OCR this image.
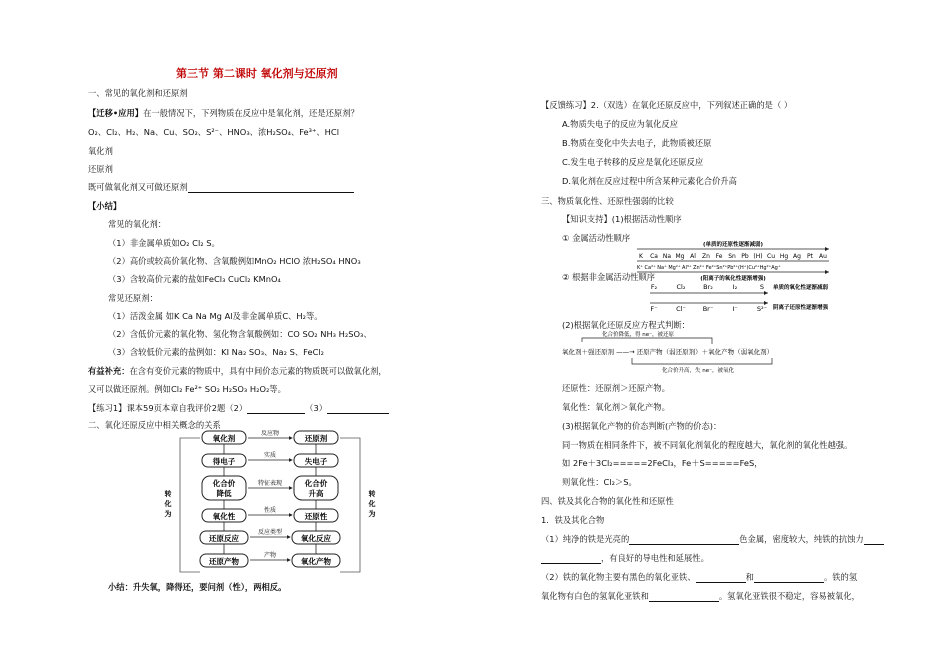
第三节 第二课时 氧化剂与还原剂
一、常见的氧化剂和还原剂
【迁移•应用】在一般情况下，下列物质在反应中是氧化剂，还是还原剂？
O₂、Cl₂、H₂、Na、Cu、SO₂、S²⁻、HNO₃、浓H₂SO₄、Fe³⁺、HCl
氧化剂
还原剂
既可做氧化剂又可做还原剂
【小结】
常见的氧化剂：
（1）非金属单质如O₂ Cl₂ S。
（2）高价或较高价氧化物、含氧酸例如MnO₂ HClO 浓H₂SO₄ HNO₃
（3）含较高价元素的盐如FeCl₃ CuCl₂ KMnO₄
常见还原剂：
（1）活泼金属 如K Ca Na Mg Al及非金属单质C、H₂等。
（2）含低价元素的氧化物、氢化物含氧酸例如：CO SO₂ NH₃ H₂SO₃、
（3）含较低价元素的盐例如：KI Na₂ SO₃、Na₂ S、FeCl₂
有益补充：在含有变价元素的物质中，具有中间价态元素的物质既可以做氧化剂，
又可以做还原剂。例如Cl₂ Fe²⁺ SO₂ H₂SO₃ H₂O₂等。
【练习1】课本59页本章自我评价2题（2）	（3）
二、氧化还原反应中相关概念的关系
氧化剂	还原剂
得电子	失电子
化合价
降低
化合价
升高
氧化性	还原性
还原反应	氧化反应
还原产物	氧化产物
反应物
实质
特征表现
性质
反应类型
产物
转
化
为
转
化
为
小结：升失氧，降得还，要问剂（性），两相反。
【反馈练习】2.（双选）在氧化还原反应中，下列叙述正确的是（ ）
A.物质失电子的反应为氧化反应
B.物质在变化中失去电子，此物质被还原
C.发生电子转移的反应是氧化还原反应
D.氧化剂在反应过程中所含某种元素化合价升高
三、物质氧化性、还原性强弱的比较
【知识支持】(1)根据活动性顺序
① 金属活动性顺序
(单质的还原性逐渐减弱)
K Ca Na Mg Al Zn Fe Sn Pb (H) Cu Hg Ag Pt Au
K⁺ Ca²⁺ Na⁺ Mg²⁺ Al³⁺ Zn²⁺ Fe²⁺Sn²⁺Pb²⁺(H⁺)Cu²⁺Hg²⁺Ag⁺
(阳离子的氧化性逐渐增强)
② 根据非金属活动性顺序
F₂	Cl₂	Br₂	I₂	S
F⁻	Cl⁻	Br⁻	I⁻	S²⁻
单质的氧化性逐渐减弱
阴离子还原性逐渐增强
(2)根据氧化还原反应方程式判断：
化合价降低，得 ne⁻，被还原
氧化剂＋强还原剂 ——→ 还原产物（弱还原剂）＋氧化产物（弱氧化剂）
化合价升高，失 ne⁻，被氧化
还原性：还原剂＞还原产物。
氧化性：氧化剂＞氧化产物。
(3)根据氧化产物的价态判断(产物的价态)：
同一物质在相同条件下，被不同氧化剂氧化的程度越大，氧化剂的氧化性越强。
如 2Fe＋3Cl₂=====2FeCl₃，Fe＋S=====FeS，
则氧化性：Cl₂＞S。
四、铁及其化合物的氧化性和还原性
1．铁及其化合物
（1）纯净的铁是光亮的	色金属，密度较大，纯铁的抗蚀力
，有良好的导电性和延展性。
（2）铁的氧化物主要有黑色的氧化亚铁、	和	。铁的氢
氧化物有白色的氢氧化亚铁和	。氢氧化亚铁很不稳定，容易被氧化，
